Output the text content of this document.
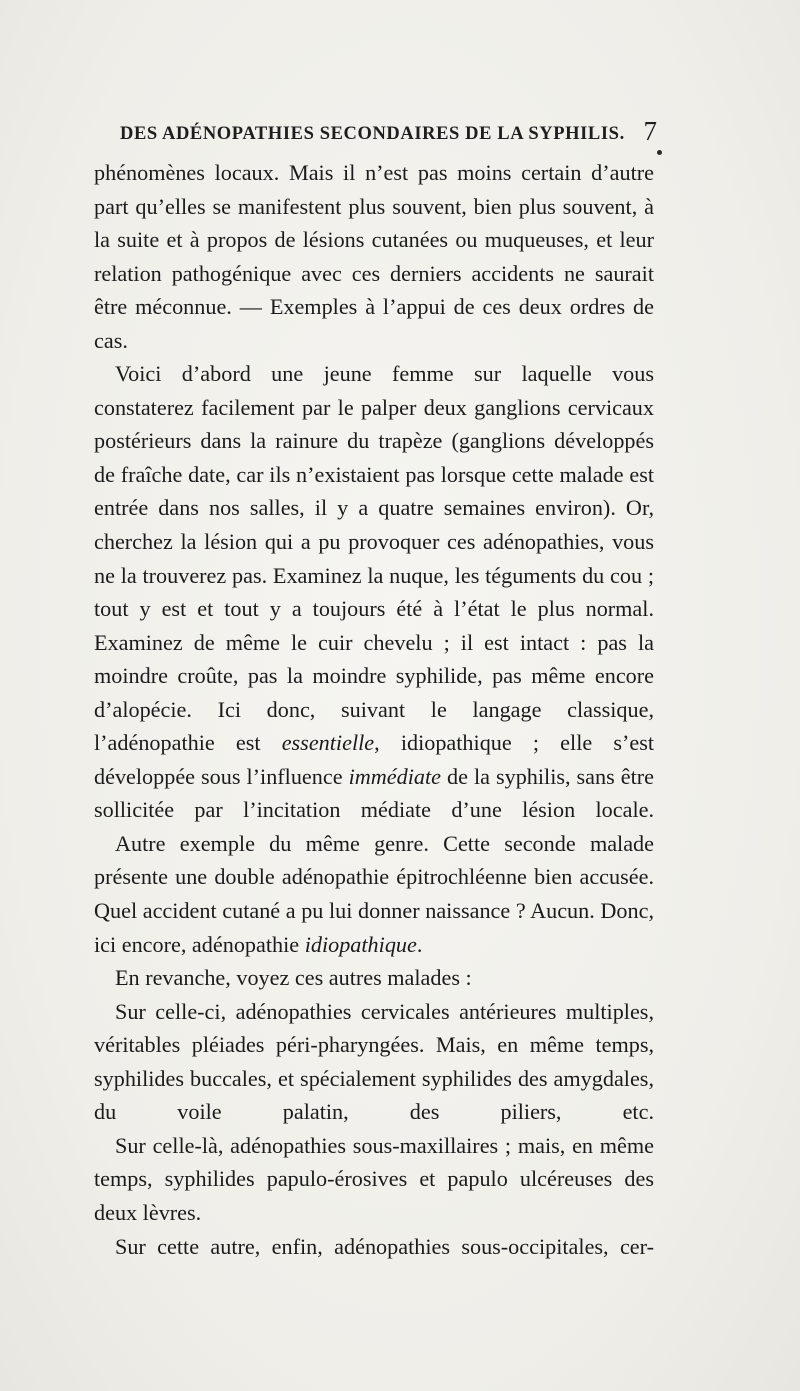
DES ADÉNOPATHIES SECONDAIRES DE LA SYPHILIS. 7

phénomènes locaux. Mais il n’est pas moins certain d’autre part qu’elles se manifestent plus souvent, bien plus souvent, à la suite et à propos de lésions cutanées ou muqueuses, et leur relation pathogénique avec ces derniers accidents ne saurait être méconnue. — Exemples à l’appui de ces deux ordres de cas.

Voici d’abord une jeune femme sur laquelle vous constaterez facilement par le palper deux ganglions cervicaux postérieurs dans la rainure du trapèze (ganglions développés de fraîche date, car ils n’existaient pas lorsque cette malade est entrée dans nos salles, il y a quatre semaines environ). Or, cherchez la lésion qui a pu provoquer ces adénopathies, vous ne la trouverez pas. Examinez la nuque, les téguments du cou ; tout y est et tout y a toujours été à l’état le plus normal. Examinez de même le cuir chevelu ; il est intact : pas la moindre croûte, pas la moindre syphilide, pas même encore d’alopécie. Ici donc, suivant le langage classique, l’adénopathie est essentielle, idiopathique ; elle s’est développée sous l’influence immédiate de la syphilis, sans être sollicitée par l’incitation médiate d’une lésion locale.

Autre exemple du même genre. Cette seconde malade présente une double adénopathie épitrochléenne bien accusée. Quel accident cutané a pu lui donner naissance ? Aucun. Donc, ici encore, adénopathie idiopathique.

En revanche, voyez ces autres malades :

Sur celle-ci, adénopathies cervicales antérieures multiples, véritables pléiades péri-pharyngées. Mais, en même temps, syphilides buccales, et spécialement syphilides des amygdales, du voile palatin, des piliers, etc.

Sur celle-là, adénopathies sous-maxillaires ; mais, en même temps, syphilides papulo-érosives et papulo ulcéreuses des deux lèvres.

Sur cette autre, enfin, adénopathies sous-occipitales, cer-
